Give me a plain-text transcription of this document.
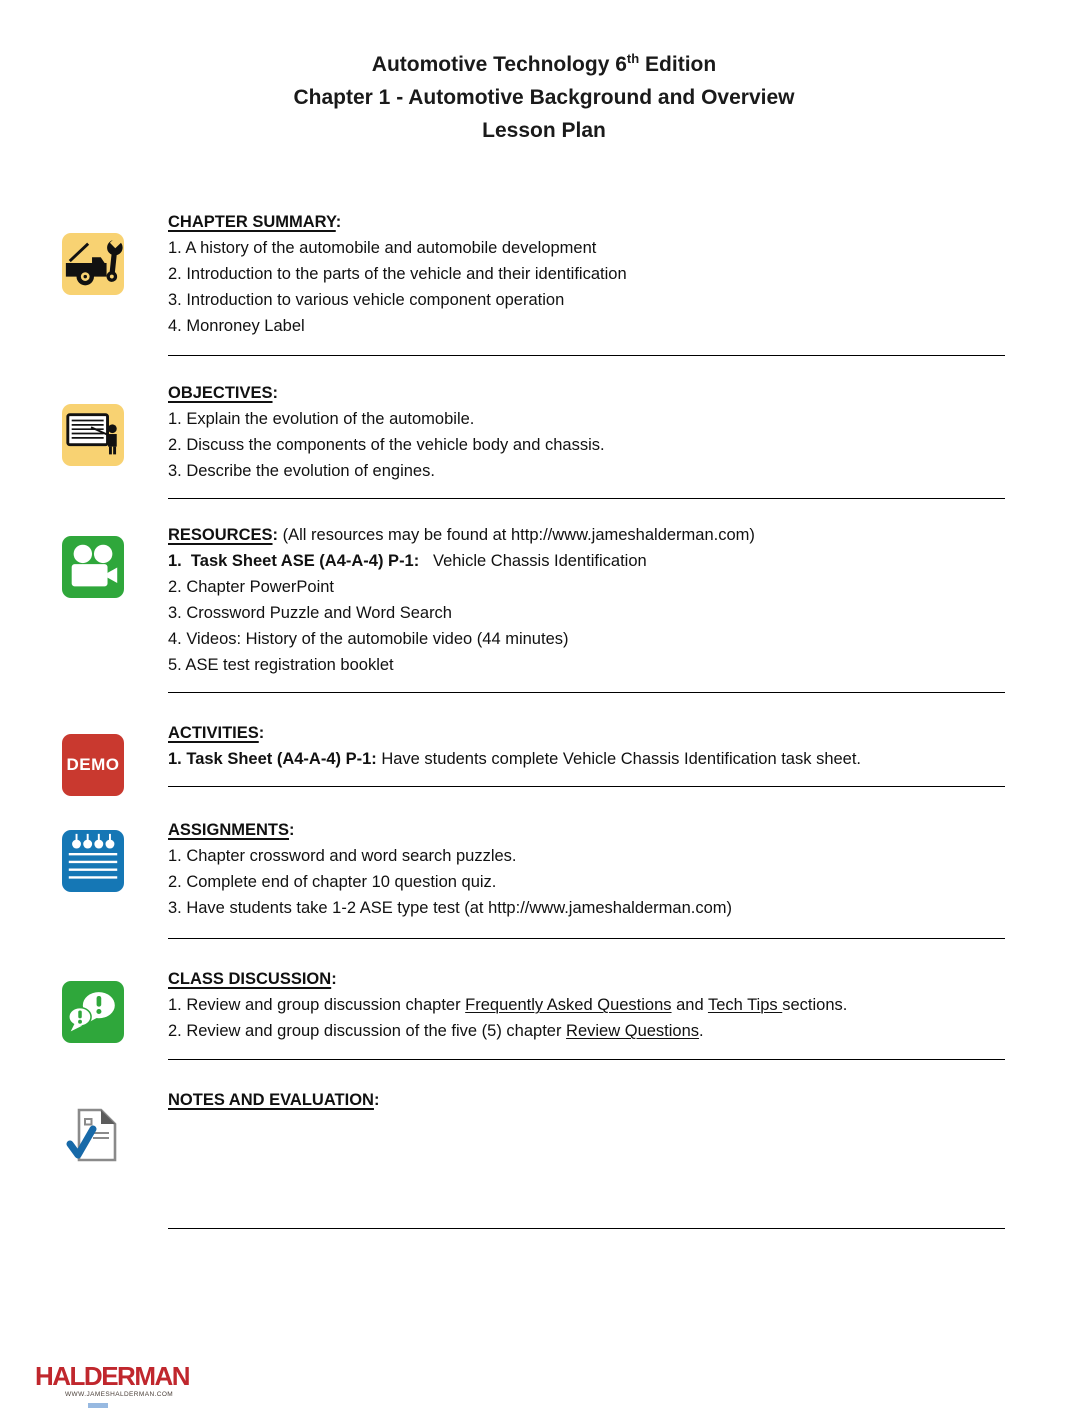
Automotive Technology 6th Edition
Chapter 1 - Automotive Background and Overview
Lesson Plan

CHAPTER SUMMARY:

1. A history of the automobile and automobile development

2. Introduction to the parts of the vehicle and their identification

3. Introduction to various vehicle component operation

4. Monroney Label

OBJECTIVES:

1. Explain the evolution of the automobile.

2. Discuss the components of the vehicle body and chassis.

3. Describe the evolution of engines.

RESOURCES: (All resources may be found at http://www.jameshalderman.com)

1.  Task Sheet ASE (A4-A-4) P-1:   Vehicle Chassis Identification

2. Chapter PowerPoint

3. Crossword Puzzle and Word Search

4. Videos: History of the automobile video (44 minutes)

5. ASE test registration booklet

DEMO

ACTIVITIES:

1. Task Sheet (A4-A-4) P-1: Have students complete Vehicle Chassis Identification task sheet.

ASSIGNMENTS:

1. Chapter crossword and word search puzzles.

2. Complete end of chapter 10 question quiz.

3. Have students take 1-2 ASE type test (at http://www.jameshalderman.com)

CLASS DISCUSSION:

1. Review and group discussion chapter Frequently Asked Questions and Tech Tips sections.

2. Review and group discussion of the five (5) chapter Review Questions.

NOTES AND EVALUATION:

HALDERMAN
WWW.JAMESHALDERMAN.COM
